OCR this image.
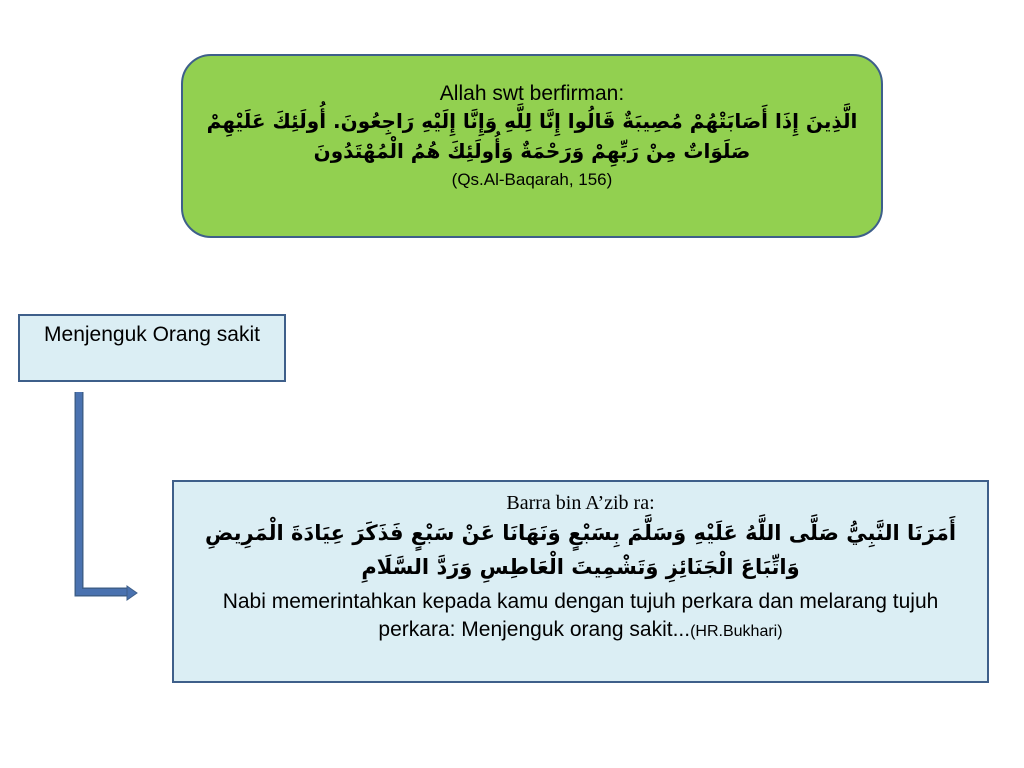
Allah swt berfirman:
الَّذِينَ إِذَا أَصَابَتْهُمْ مُصِيبَةٌ قَالُوا إِنَّا لِلَّهِ وَإِنَّا إِلَيْهِ رَاجِعُونَ. أُولَئِكَ عَلَيْهِمْ صَلَوَاتٌ مِنْ رَبِّهِمْ وَرَحْمَةٌ وَأُولَئِكَ هُمُ الْمُهْتَدُونَ
(Qs.Al-Baqarah, 156)
Menjenguk Orang sakit
Barra bin A’zib ra:
أَمَرَنَا النَّبِيُّ صَلَّى اللَّهُ عَلَيْهِ وَسَلَّمَ بِسَبْعٍ وَنَهَانَا عَنْ سَبْعٍ فَذَكَرَ عِيَادَةَ الْمَرِيضِ وَاتِّبَاعَ الْجَنَائِزِ وَتَشْمِيتَ الْعَاطِسِ وَرَدَّ السَّلَامِ
Nabi memerintahkan kepada kamu dengan tujuh perkara dan melarang tujuh perkara: Menjenguk orang sakit...(HR.Bukhari)
